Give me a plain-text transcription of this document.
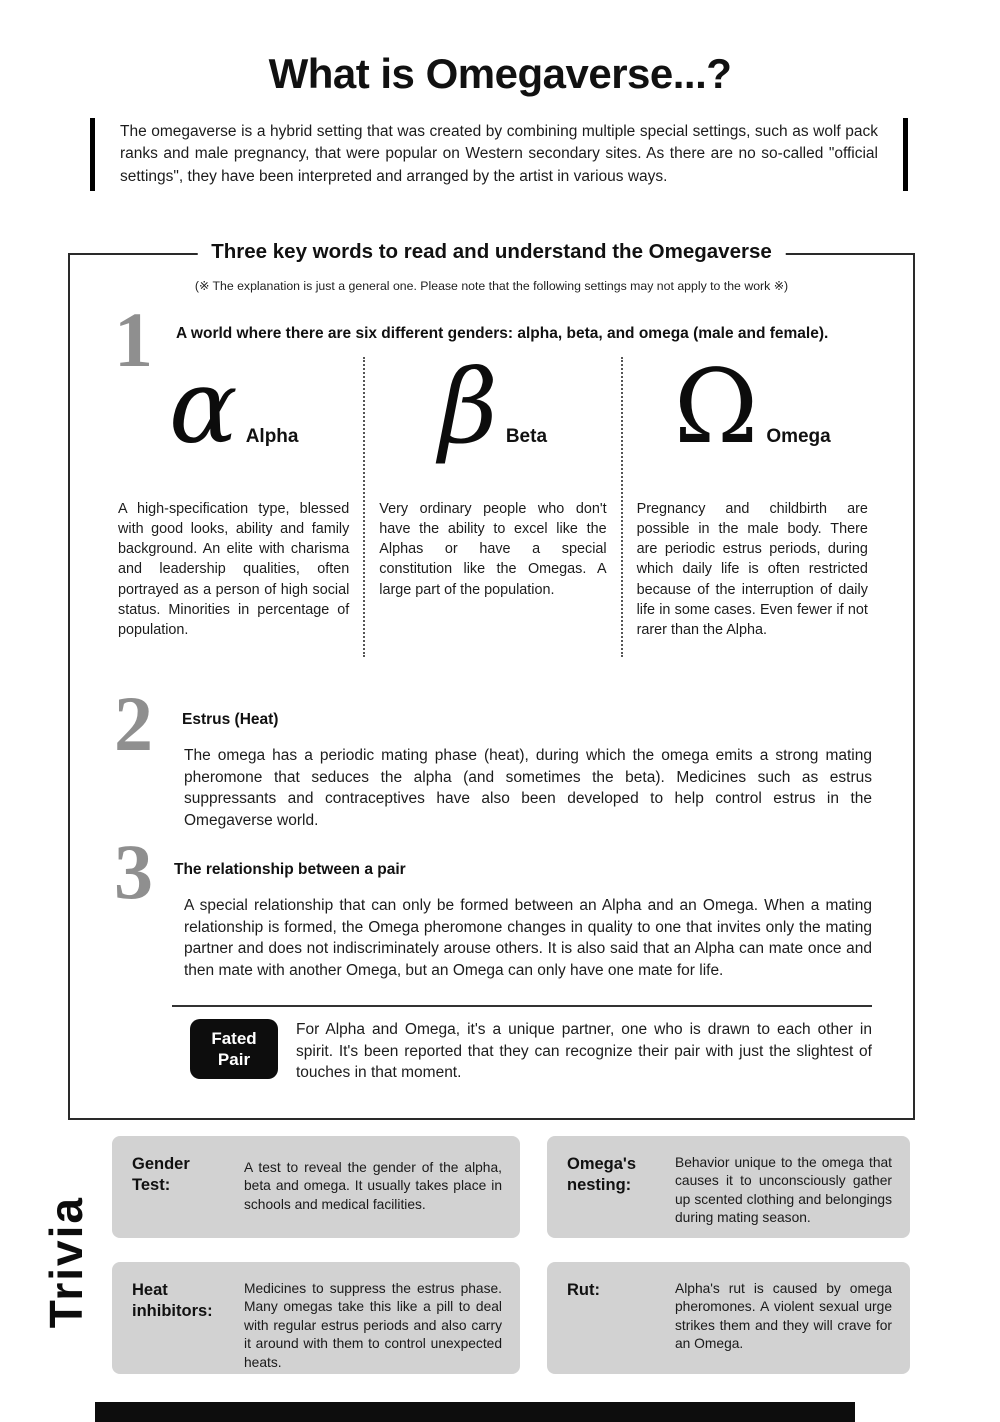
What is Omegaverse...?
The omegaverse is a hybrid setting that was created by combining multiple special settings, such as wolf pack ranks and male pregnancy, that were popular on Western secondary sites. As there are no so-called "official settings", they have been interpreted and arranged by the artist in various ways.
Three key words to read and understand the Omegaverse
(※ The explanation is just a general one. Please note that the following settings may not apply to the work ※)
1 A world where there are six different genders: alpha, beta, and omega (male and female).
α Alpha
A high-specification type, blessed with good looks, ability and family background. An elite with charisma and leadership qualities, often portrayed as a person of high social status. Minorities in percentage of population.
β Beta
Very ordinary people who don't have the ability to excel like the Alphas or have a special constitution like the Omegas. A large part of the population.
Ω Omega
Pregnancy and childbirth are possible in the male body. There are periodic estrus periods, during which daily life is often restricted because of the interruption of daily life in some cases. Even fewer if not rarer than the Alpha.
2 Estrus (Heat)
The omega has a periodic mating phase (heat), during which the omega emits a strong mating pheromone that seduces the alpha (and sometimes the beta). Medicines such as estrus suppressants and contraceptives have also been developed to help control estrus in the Omegaverse world.
3 The relationship between a pair
A special relationship that can only be formed between an Alpha and an Omega. When a mating relationship is formed, the Omega pheromone changes in quality to one that invites only the mating partner and does not indiscriminately arouse others. It is also said that an Alpha can mate once and then mate with another Omega, but an Omega can only have one mate for life.
Fated Pair
For Alpha and Omega, it's a unique partner, one who is drawn to each other in spirit. It's been reported that they can recognize their pair with just the slightest of touches in that moment.
Trivia
Gender Test:
A test to reveal the gender of the alpha, beta and omega. It usually takes place in schools and medical facilities.
Omega's nesting:
Behavior unique to the omega that causes it to unconsciously gather up scented clothing and belongings during mating season.
Heat inhibitors:
Medicines to suppress the estrus phase. Many omegas take this like a pill to deal with regular estrus periods and also carry it around with them to control unexpected heats.
Rut:	Alpha's rut is caused by omega pheromones. A violent sexual urge strikes them and they will crave for an Omega.
